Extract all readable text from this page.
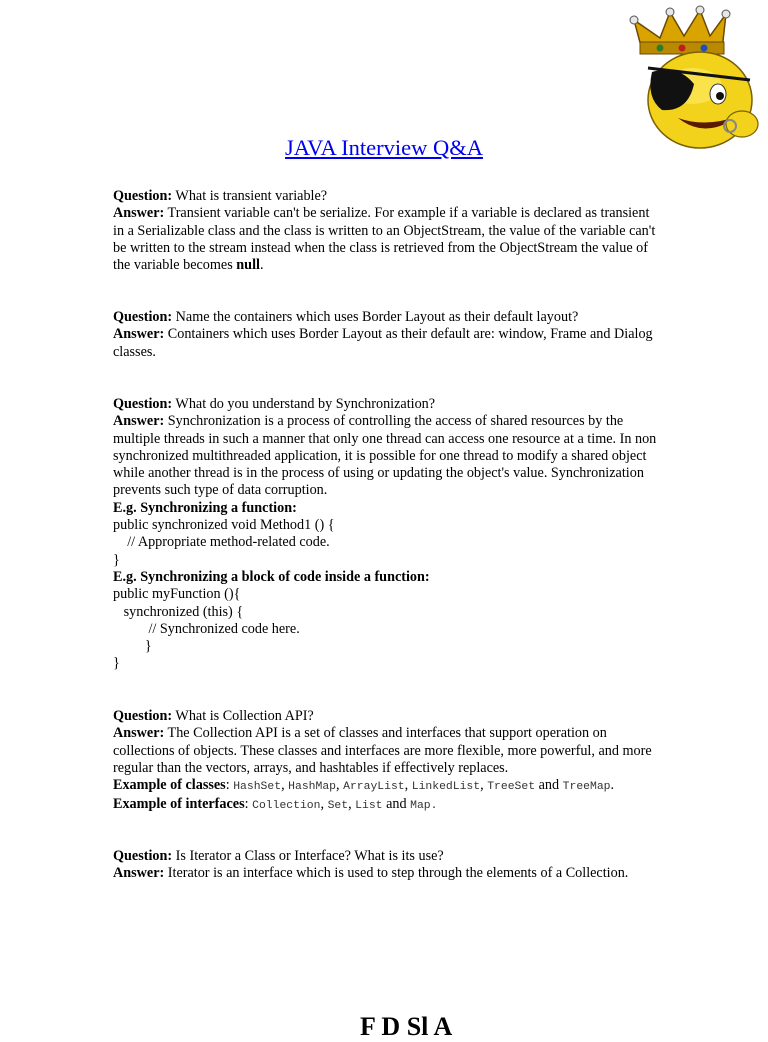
JAVA Interview Q&A
Question: What is transient variable?
Answer: Transient variable can't be serialize. For example if a variable is declared as transient in a Serializable class and the class is written to an ObjectStream, the value of the variable can't be written to the stream instead when the class is retrieved from the ObjectStream the value of the variable becomes null.
Question: Name the containers which uses Border Layout as their default layout?
Answer: Containers which uses Border Layout as their default are: window, Frame and Dialog classes.
Question: What do you understand by Synchronization?
Answer: Synchronization is a process of controlling the access of shared resources by the multiple threads in such a manner that only one thread can access one resource at a time. In non synchronized multithreaded application, it is possible for one thread to modify a shared object while another thread is in the process of using or updating the object's value. Synchronization prevents such type of data corruption.
E.g. Synchronizing a function:
public synchronized void Method1 () {
// Appropriate method-related code.
}
E.g. Synchronizing a block of code inside a function:
public myFunction (){
synchronized (this) {
// Synchronized code here.
}
}
Question: What is Collection API?
Answer: The Collection API is a set of classes and interfaces that support operation on collections of objects. These classes and interfaces are more flexible, more powerful, and more regular than the vectors, arrays, and hashtables if effectively replaces.
Example of classes: HashSet, HashMap, ArrayList, LinkedList, TreeSet and TreeMap.
Example of interfaces: Collection, Set, List and Map.
Question: Is Iterator a Class or Interface? What is its use?
Answer: Iterator is an interface which is used to step through the elements of a Collection.
F D Sl A
